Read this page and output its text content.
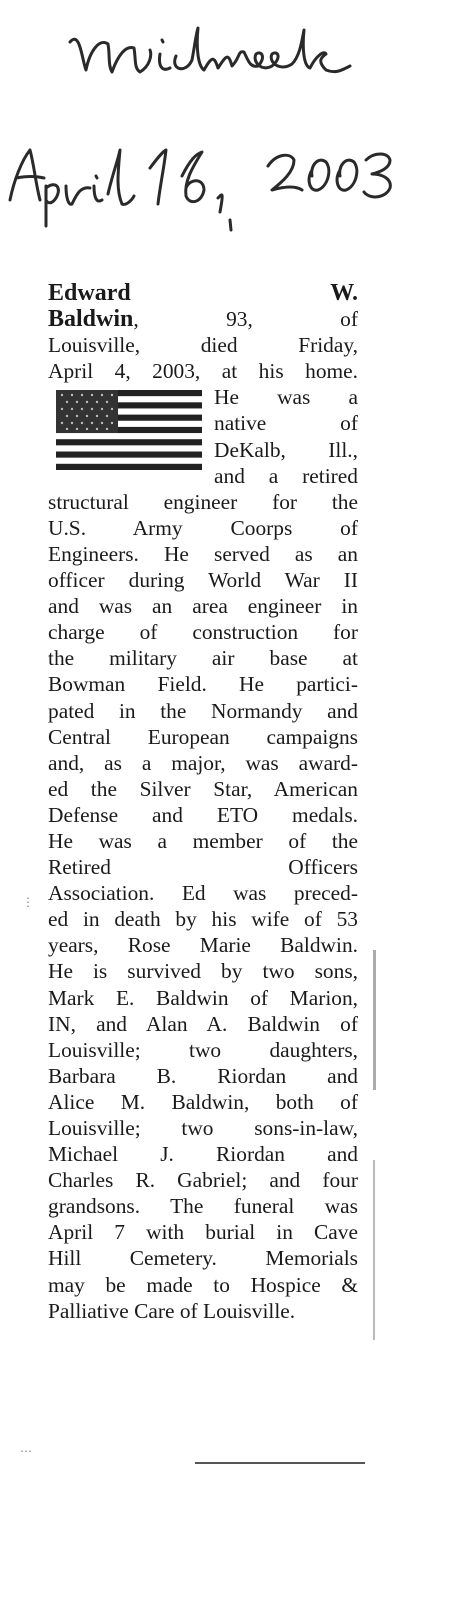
Edward	W.
Baldwin, 93, of
Louisville, died Friday,
April 4, 2003, at his home.
He was a
native of
DeKalb, Ill.,
and a retired
structural engineer for the
U.S. Army Coorps of
Engineers. He served as an
officer during World War II
and was an area engineer in
charge of construction for
the military air base at
Bowman Field. He partici-
pated in the Normandy and
Central European campaigns
and, as a major, was award-
ed the Silver Star, American
Defense and ETO medals.
He was a member of the
Retired Officers
Association. Ed was preced-
ed in death by his wife of 53
years, Rose Marie Baldwin.
He is survived by two sons,
Mark E. Baldwin of Marion,
IN, and Alan A. Baldwin of
Louisville; two daughters,
Barbara B. Riordan and
Alice M. Baldwin, both of
Louisville; two sons-in-law,
Michael J. Riordan and
Charles R. Gabriel; and four
grandsons. The funeral was
April 7 with burial in Cave
Hill Cemetery. Memorials
may be made to Hospice &
Palliative Care of Louisville.
⋮
⋯
